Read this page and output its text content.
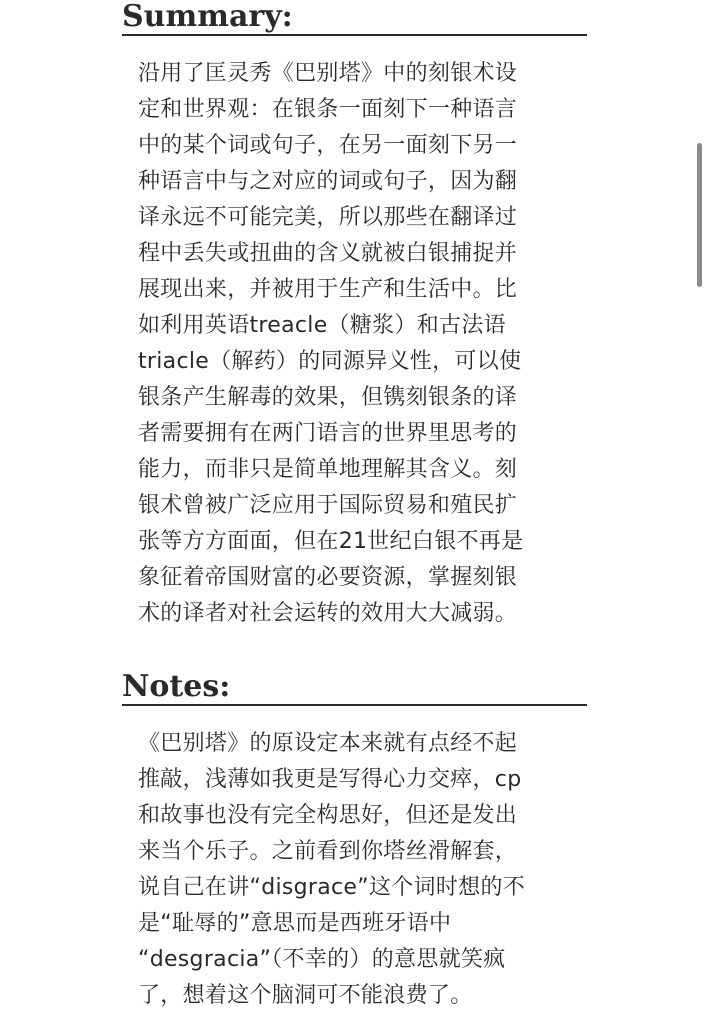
Summary:
沿用了匡灵秀《巴别塔》中的刻银术设
定和世界观：在银条一面刻下一种语言
中的某个词或句子，在另一面刻下另一
种语言中与之对应的词或句子，因为翻
译永远不可能完美，所以那些在翻译过
程中丢失或扭曲的含义就被白银捕捉并
展现出来，并被用于生产和生活中。比
如利用英语treacle（糖浆）和古法语
triacle（解药）的同源异义性，可以使
银条产生解毒的效果，但镌刻银条的译
者需要拥有在两门语言的世界里思考的
能力，而非只是简单地理解其含义。刻
银术曾被广泛应用于国际贸易和殖民扩
张等方方面面，但在21世纪白银不再是
象征着帝国财富的必要资源，掌握刻银
术的译者对社会运转的效用大大减弱。
Notes:
《巴别塔》的原设定本来就有点经不起
推敲，浅薄如我更是写得心力交瘁，cp
和故事也没有完全构思好，但还是发出
来当个乐子。之前看到你塔丝滑解套，
说自己在讲“disgrace”这个词时想的不
是“耻辱的”意思而是西班牙语中
“desgracia”（不幸的）的意思就笑疯
了，想着这个脑洞可不能浪费了。
